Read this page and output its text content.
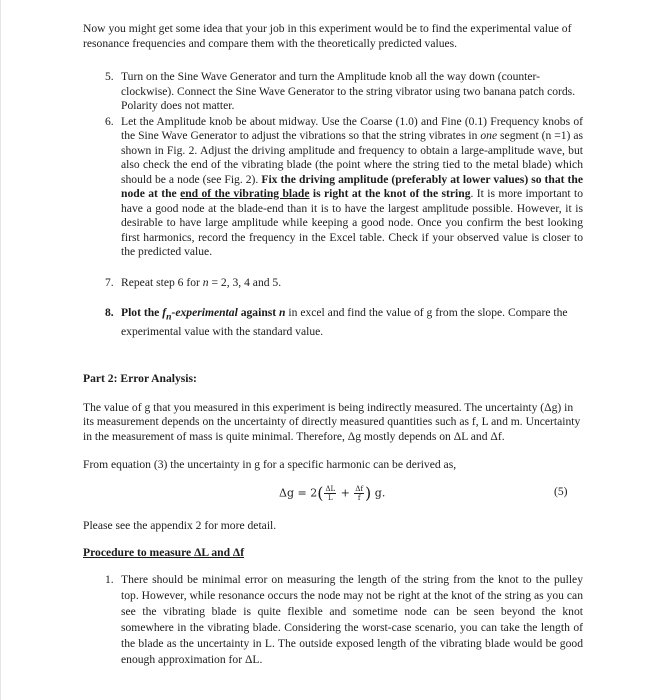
Now you might get some idea that your job in this experiment would be to find the experimental value of resonance frequencies and compare them with the theoretically predicted values.

5. Turn on the Sine Wave Generator and turn the Amplitude knob all the way down (counter-clockwise). Connect the Sine Wave Generator to the string vibrator using two banana patch cords. Polarity does not matter.
6. Let the Amplitude knob be about midway. Use the Coarse (1.0) and Fine (0.1) Frequency knobs of the Sine Wave Generator to adjust the vibrations so that the string vibrates in one segment (n =1) as shown in Fig. 2. Adjust the driving amplitude and frequency to obtain a large-amplitude wave, but also check the end of the vibrating blade (the point where the string tied to the metal blade) which should be a node (see Fig. 2). Fix the driving amplitude (preferably at lower values) so that the node at the end of the vibrating blade is right at the knot of the string. It is more important to have a good node at the blade-end than it is to have the largest amplitude possible. However, it is desirable to have large amplitude while keeping a good node. Once you confirm the best looking first harmonics, record the frequency in the Excel table. Check if your observed value is closer to the predicted value.
7. Repeat step 6 for n = 2, 3, 4 and 5.
8. Plot the $f_n$-experimental against n in excel and find the value of g from the slope. Compare the experimental value with the standard value.

Part 2: Error Analysis:

The value of g that you measured in this experiment is being indirectly measured. The uncertainty (Δg) in its measurement depends on the uncertainty of directly measured quantities such as f, L and m. Uncertainty in the measurement of mass is quite minimal. Therefore, Δg mostly depends on ΔL and Δf.

From equation (3) the uncertainty in g for a specific harmonic can be derived as,

$\Delta g = 2( \frac{\Delta L}{L} + \frac{\Delta f}{f}$ ) g.	(5)

Please see the appendix 2 for more detail.

Procedure to measure ΔL and Δf

1. There should be minimal error on measuring the length of the string from the knot to the pulley top. However, while resonance occurs the node may not be right at the knot of the string as you can see the vibrating blade is quite flexible and sometime node can be seen beyond the knot somewhere in the vibrating blade. Considering the worst-case scenario, you can take the length of the blade as the uncertainty in L. The outside exposed length of the vibrating blade would be good enough approximation for ΔL.
